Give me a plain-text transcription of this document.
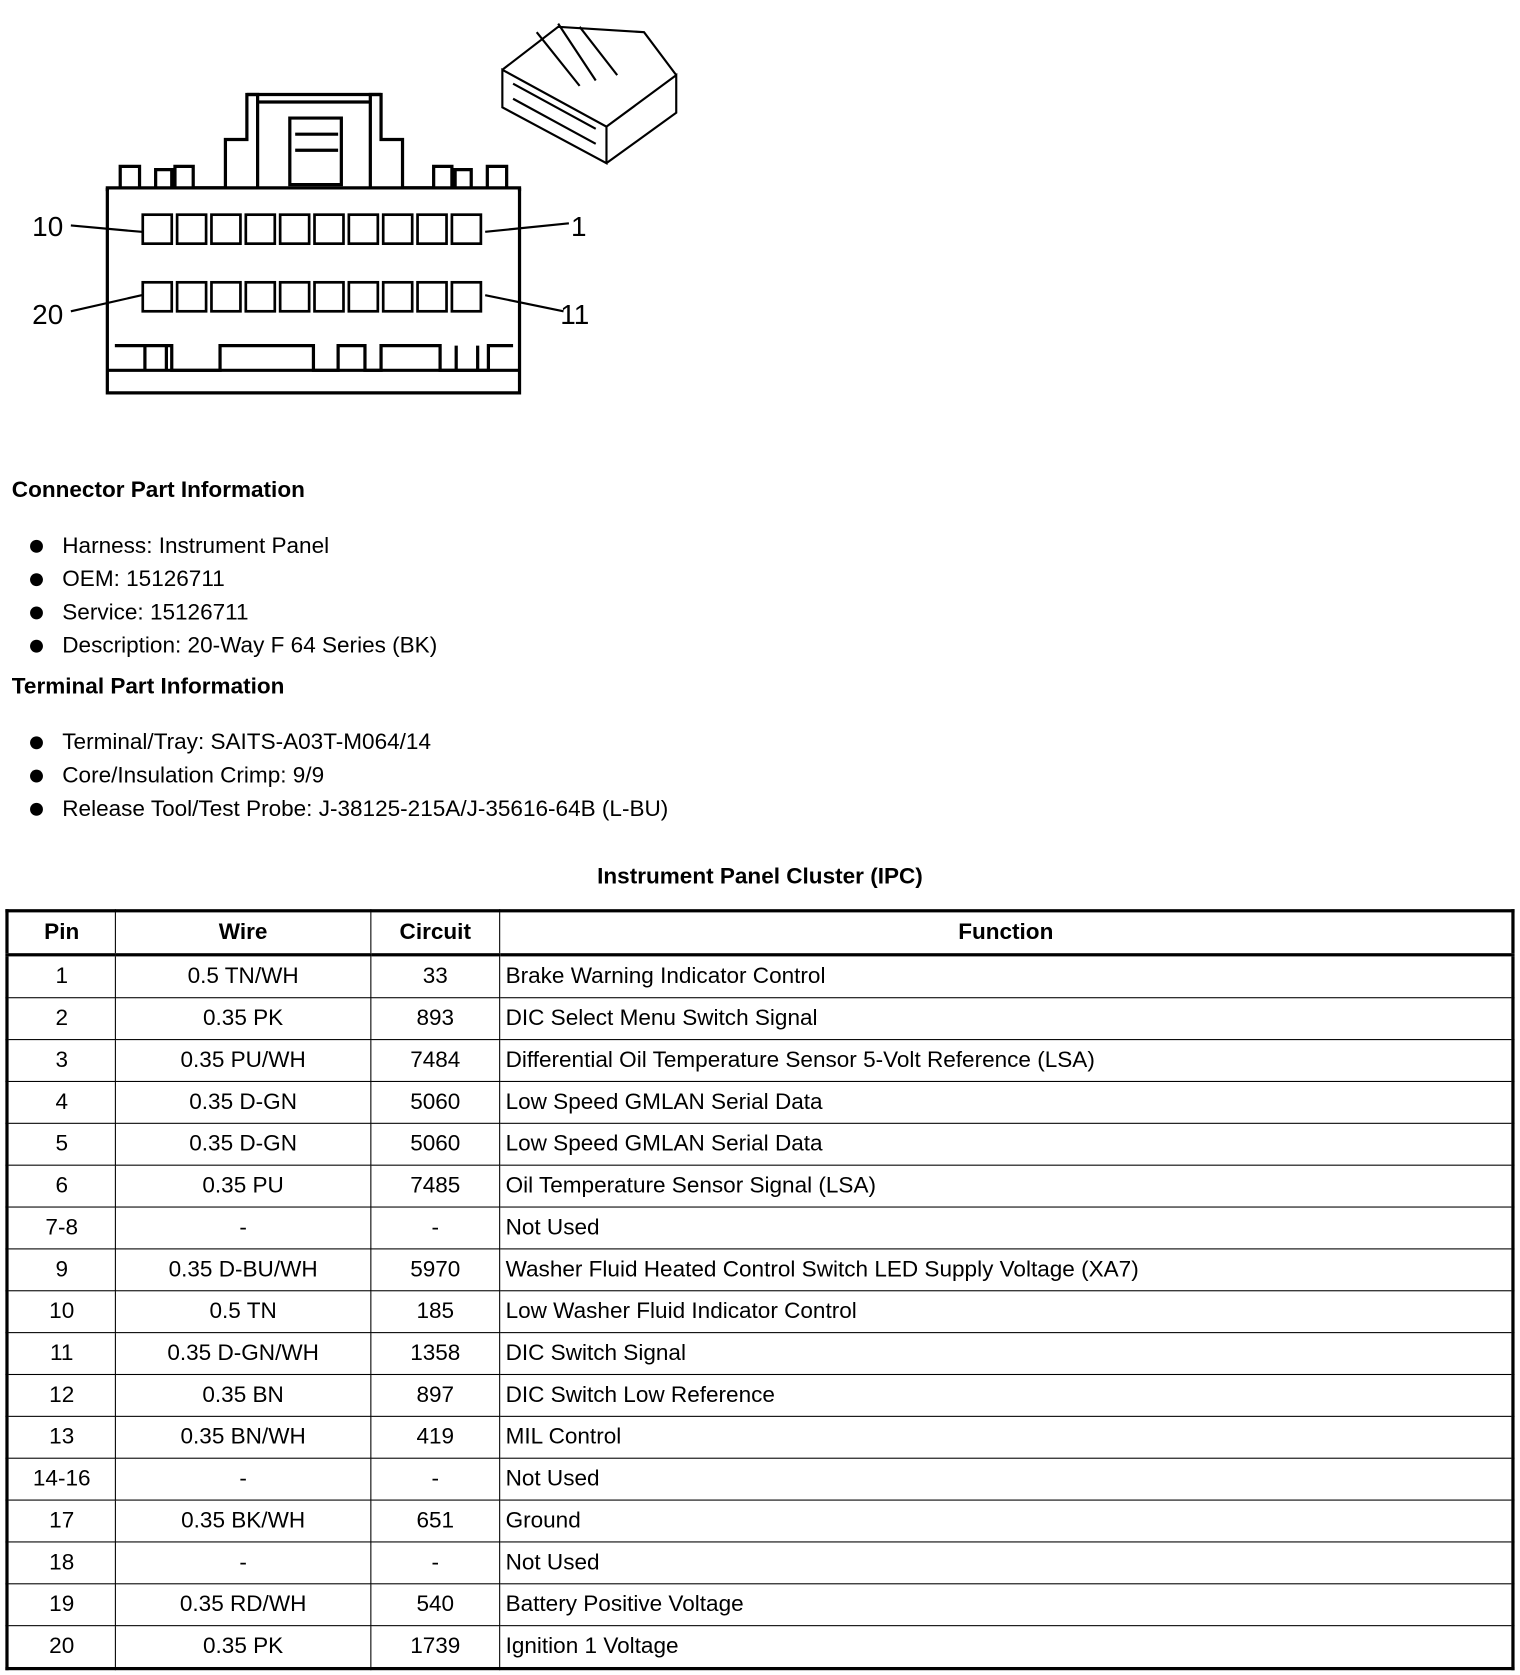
10	1
20	11
Connector Part Information
Harness: Instrument Panel
OEM: 15126711
Service: 15126711
Description: 20-Way F 64 Series (BK)
Terminal Part Information
Terminal/Tray: SAITS-A03T-M064/14
Core/Insulation Crimp: 9/9
Release Tool/Test Probe: J-38125-215A/J-35616-64B (L-BU)
Instrument Panel Cluster (IPC)
Pin	Wire	Circuit	Function
1	0.5 TN/WH	33	Brake Warning Indicator Control
2	0.35 PK	893	DIC Select Menu Switch Signal
3	0.35 PU/WH	7484	Differential Oil Temperature Sensor 5-Volt Reference (LSA)
4	0.35 D-GN	5060	Low Speed GMLAN Serial Data
5	0.35 D-GN	5060	Low Speed GMLAN Serial Data
6	0.35 PU	7485	Oil Temperature Sensor Signal (LSA)
7-8	-	-	Not Used
9	0.35 D-BU/WH	5970	Washer Fluid Heated Control Switch LED Supply Voltage (XA7)
10	0.5 TN	185	Low Washer Fluid Indicator Control
11	0.35 D-GN/WH	1358	DIC Switch Signal
12	0.35 BN	897	DIC Switch Low Reference
13	0.35 BN/WH	419	MIL Control
14-16	-	-	Not Used
17	0.35 BK/WH	651	Ground
18	-	-	Not Used
19	0.35 RD/WH	540	Battery Positive Voltage
20	0.35 PK	1739	Ignition 1 Voltage
